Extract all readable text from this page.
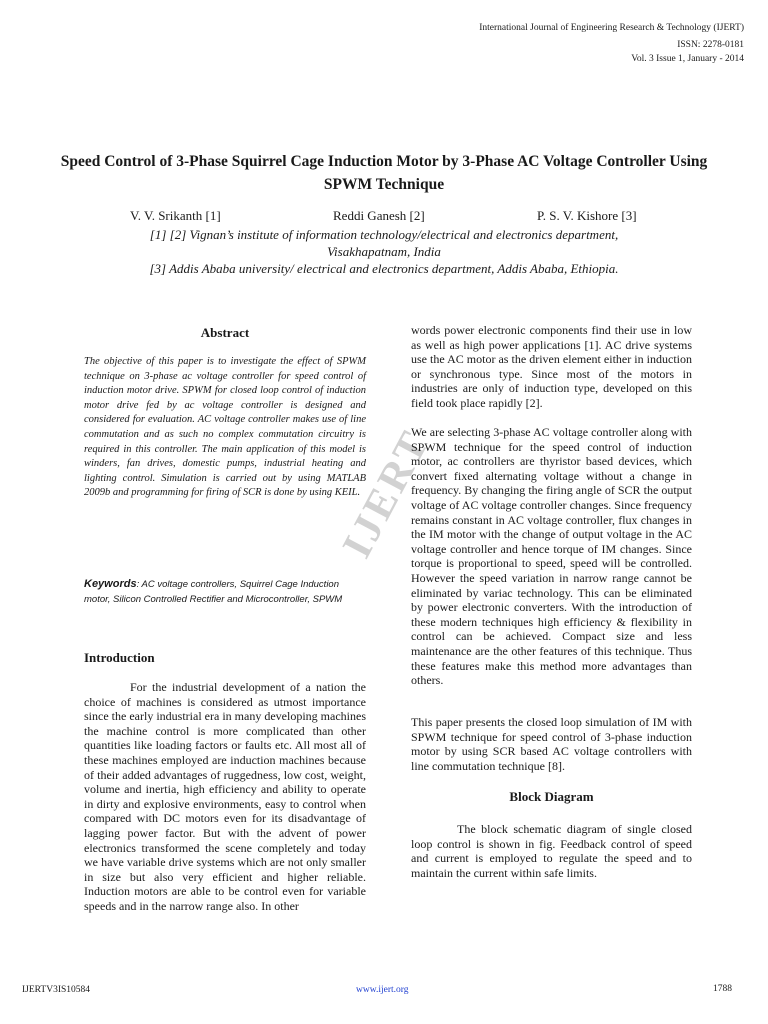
International Journal of Engineering Research & Technology (IJERT)
ISSN: 2278-0181
Vol. 3 Issue 1, January - 2014
Speed Control of 3-Phase Squirrel Cage Induction Motor by 3-Phase AC Voltage Controller Using SPWM Technique
V. V. Srikanth [1]	Reddi Ganesh [2]	P. S. V. Kishore [3]
[1] [2] Vignan’s institute of information technology/electrical and electronics department,
Visakhapatnam, India
[3] Addis Ababa university/ electrical and electronics department, Addis Ababa, Ethiopia.
IJERT
Abstract

The objective of this paper is to investigate the effect of SPWM technique on 3-phase ac voltage controller for speed control of induction motor drive. SPWM for closed loop control of induction motor drive fed by ac voltage controller is designed and considered for evaluation. AC voltage controller makes use of line commutation and as such no complex commutation circuitry is required in this controller. The main application of this model is winders, fan drives, domestic pumps, industrial heating and lighting control. Simulation is carried out by using MATLAB 2009b and programming for firing of SCR is done by using KEIL.

Keywords: AC voltage controllers, Squirrel Cage Induction motor, Silicon Controlled Rectifier and Microcontroller, SPWM

Introduction

For the industrial development of a nation the choice of machines is considered as utmost importance since the early industrial era in many developing machines the machine control is more complicated than other quantities like loading factors or faults etc. All most all of these machines employed are induction machines because of their added advantages of ruggedness, low cost, weight, volume and inertia, high efficiency and ability to operate in dirty and explosive environments, easy to control when compared with DC motors even for its disadvantage of lagging power factor. But with the advent of power electronics transformed the scene completely and today we have variable drive systems which are not only smaller in size but also very efficient and higher reliable. Induction motors are able to be control even for variable speeds and in the narrow range also. In other

words power electronic components find their use in low as well as high power applications [1]. AC drive systems use the AC motor as the driven element either in induction or synchronous type. Since most of the motors in industries are only of induction type, developed on this field took place rapidly [2].

We are selecting 3-phase AC voltage controller along with SPWM technique for the speed control of induction motor, ac controllers are thyristor based devices, which convert fixed alternating voltage without a change in frequency. By changing the firing angle of SCR the output voltage of AC voltage controller changes. Since frequency remains constant in AC voltage controller, flux changes in the IM motor with the change of output voltage in the AC voltage controller and hence torque of IM changes. Since torque is proportional to speed, speed will be controlled. However the speed variation in narrow range cannot be eliminated by variac technology. This can be eliminated by power electronic converters. With the introduction of these modern techniques high efficiency & flexibility in control can be achieved. Compact size and less maintenance are the other features of this technique. Thus these features make this method more advantages than others.

This paper presents the closed loop simulation of IM with SPWM technique for speed control of 3-phase induction motor by using SCR based AC voltage controllers with line commutation technique [8].

Block Diagram

The block schematic diagram of single closed loop control is shown in fig. Feedback control of speed and current is employed to regulate the speed and to maintain the current within safe limits.

IJERTV3IS10584	www.ijert.org	1788
